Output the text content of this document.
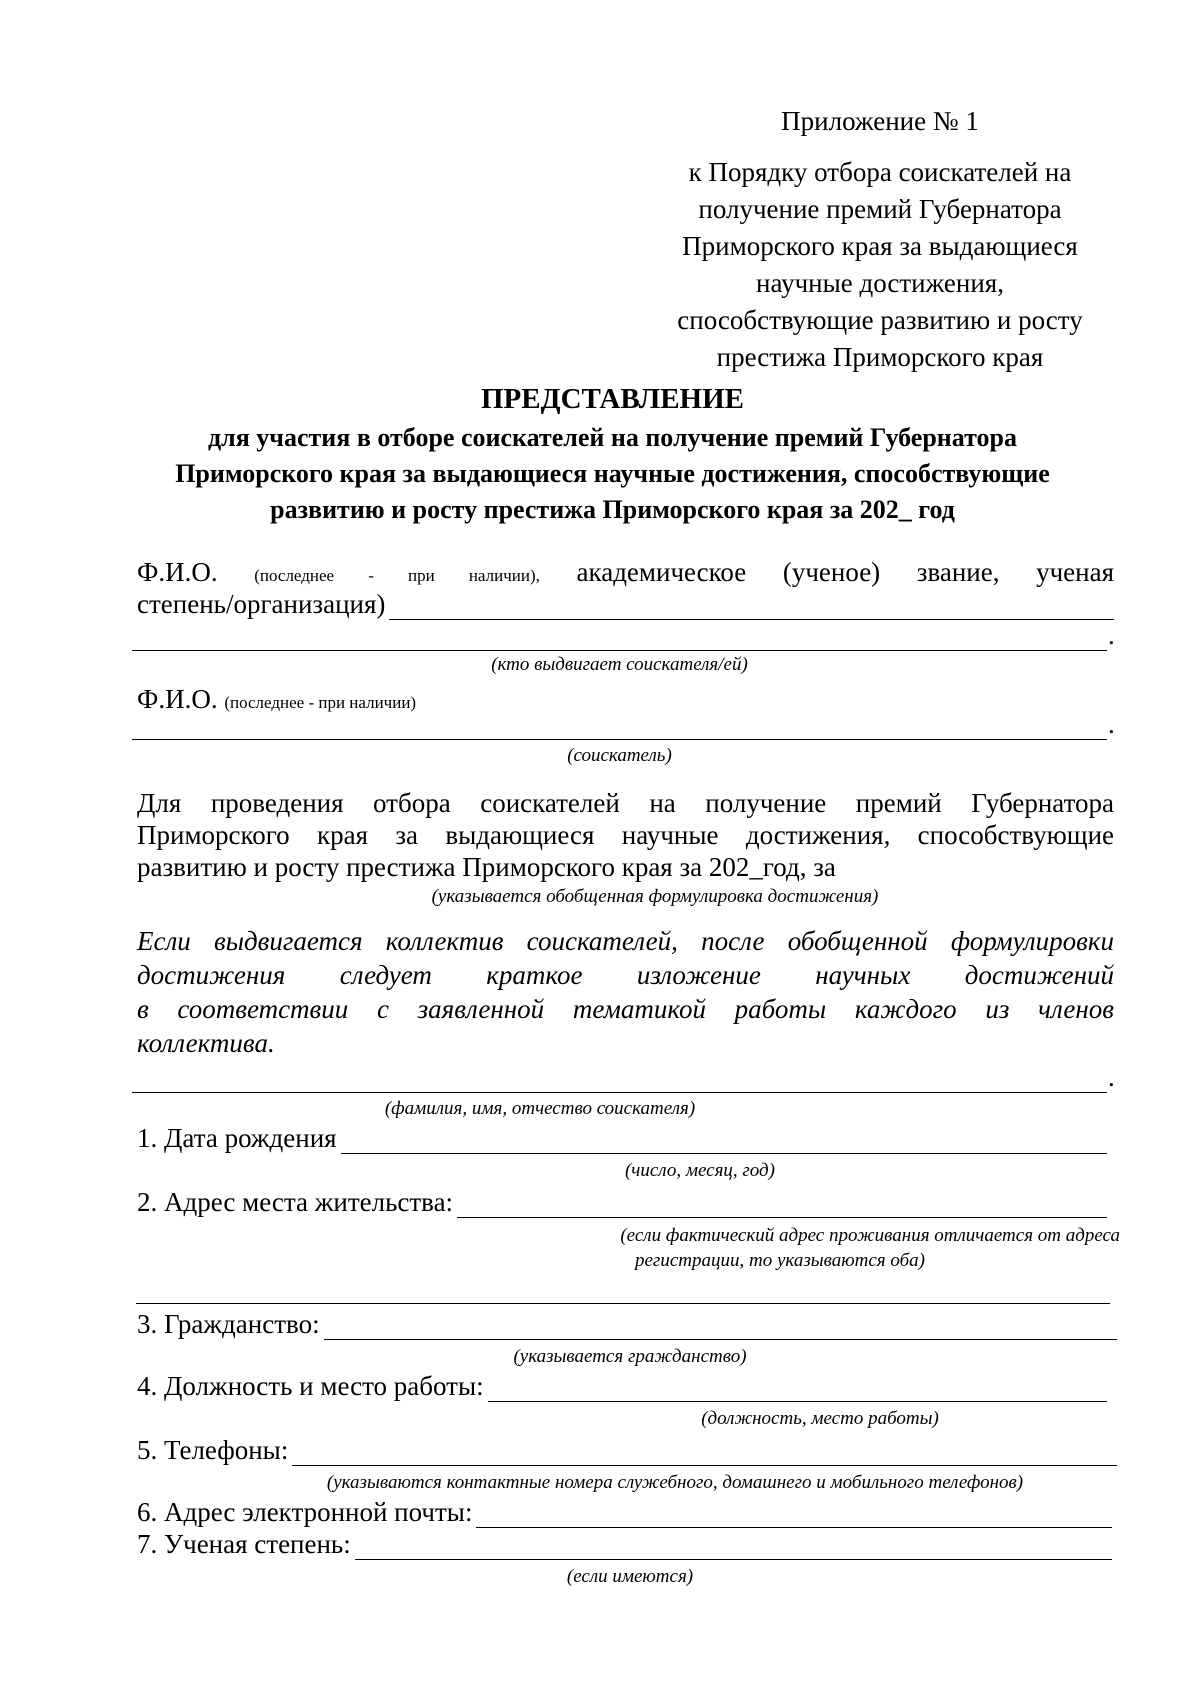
Приложение № 1
к Порядку отбора соискателей на
получение премий Губернатора
Приморского края за выдающиеся
научные достижения,
способствующие развитию и росту
престижа Приморского края
ПРЕДСТАВЛЕНИЕ
для участия в отборе соискателей на получение премий Губернатора
Приморского края за выдающиеся научные достижения, способствующие
развитию и росту престижа Приморского края за 202_ год
Ф.И.О. (последнее - при наличии), академическое (ученое) звание, ученая
степень/организация)
.
(кто выдвигает соискателя/ей)
Ф.И.О. (последнее - при наличии)
.
(соискатель)
Для проведения отбора соискателей на получение премий Губернатора
Приморского края за выдающиеся научные достижения, способствующие
развитию и росту престижа Приморского края за 202_год, за
(указывается обобщенная формулировка достижения)
Если выдвигается коллектив соискателей, после обобщенной формулировки
достижения следует краткое изложение научных достижений
в соответствии с заявленной тематикой работы каждого из членов
коллектива.
.
(фамилия, имя, отчество соискателя)
1. Дата рождения
(число, месяц, год)
2. Адрес места жительства:
(если фактический адрес проживания отличается от адреса
регистрации, то указываются оба)
3. Гражданство:
(указывается гражданство)
4. Должность и место работы:
(должность, место работы)
5. Телефоны:
(указываются контактные номера служебного, домашнего и мобильного телефонов)
6. Адрес электронной почты:
7. Ученая степень:
(если имеются)
